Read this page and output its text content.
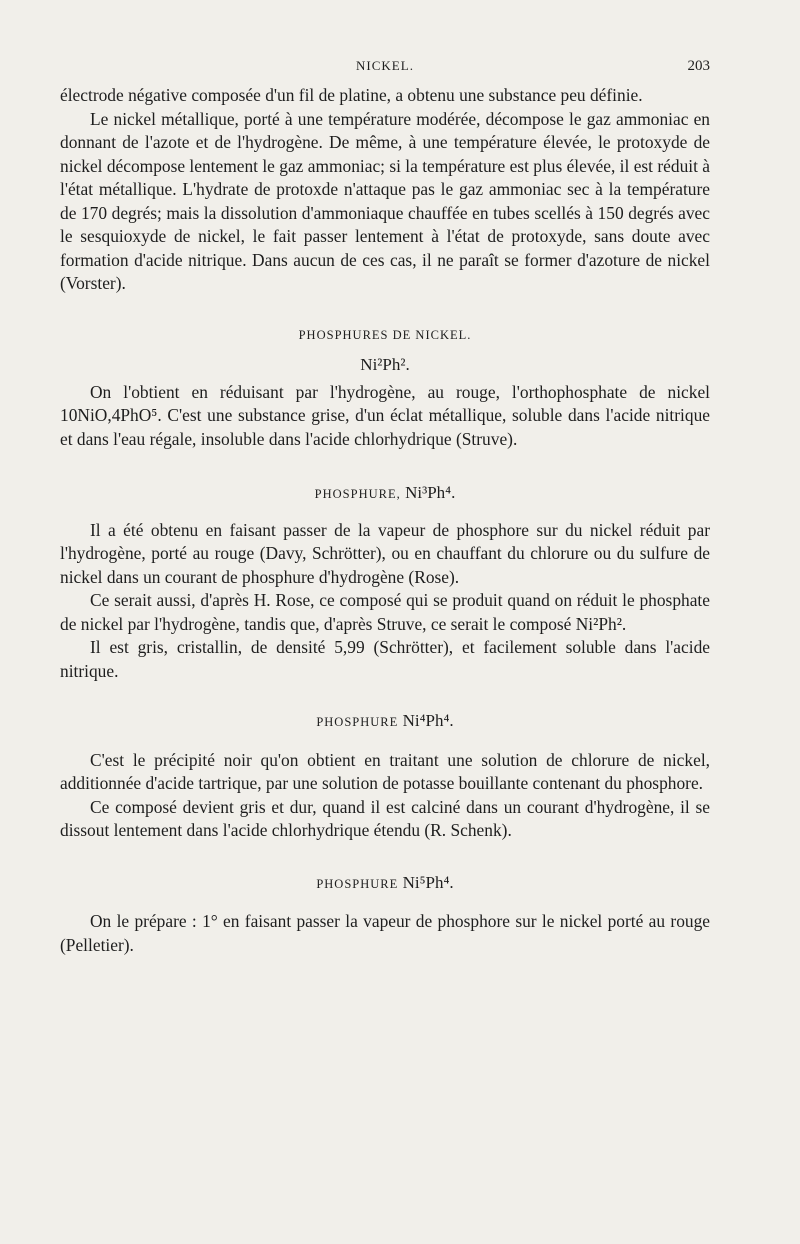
NICKEL.	203

électrode négative composée d'un fil de platine, a obtenu une substance peu définie.

Le nickel métallique, porté à une température modérée, décompose le gaz ammoniac en donnant de l'azote et de l'hydrogène. De même, à une température élevée, le protoxyde de nickel décompose lentement le gaz ammoniac; si la température est plus élevée, il est réduit à l'état métallique. L'hydrate de protoxde n'attaque pas le gaz ammoniac sec à la température de 170 degrés; mais la dissolution d'ammoniaque chauffée en tubes scellés à 150 degrés avec le sesquioxyde de nickel, le fait passer lentement à l'état de protoxyde, sans doute avec formation d'acide nitrique. Dans aucun de ces cas, il ne paraît se former d'azoture de nickel (Vorster).

PHOSPHURES DE NICKEL.
Ni²Ph².

On l'obtient en réduisant par l'hydrogène, au rouge, l'orthophosphate de nickel 10NiO,4PhO⁵. C'est une substance grise, d'un éclat métallique, soluble dans l'acide nitrique et dans l'eau régale, insoluble dans l'acide chlorhydrique (Struve).

PHOSPHURE, Ni³Ph⁴.

Il a été obtenu en faisant passer de la vapeur de phosphore sur du nickel réduit par l'hydrogène, porté au rouge (Davy, Schrötter), ou en chauffant du chlorure ou du sulfure de nickel dans un courant de phosphure d'hydrogène (Rose).

Ce serait aussi, d'après H. Rose, ce composé qui se produit quand on réduit le phosphate de nickel par l'hydrogène, tandis que, d'après Struve, ce serait le composé Ni²Ph².

Il est gris, cristallin, de densité 5,99 (Schrötter), et facilement soluble dans l'acide nitrique.

PHOSPHURE Ni⁴Ph⁴.

C'est le précipité noir qu'on obtient en traitant une solution de chlorure de nickel, additionnée d'acide tartrique, par une solution de potasse bouillante contenant du phosphore.

Ce composé devient gris et dur, quand il est calciné dans un courant d'hydrogène, il se dissout lentement dans l'acide chlorhydrique étendu (R. Schenk).

PHOSPHURE Ni⁵Ph⁴.

On le prépare : 1° en faisant passer la vapeur de phosphore sur le nickel porté au rouge (Pelletier).
